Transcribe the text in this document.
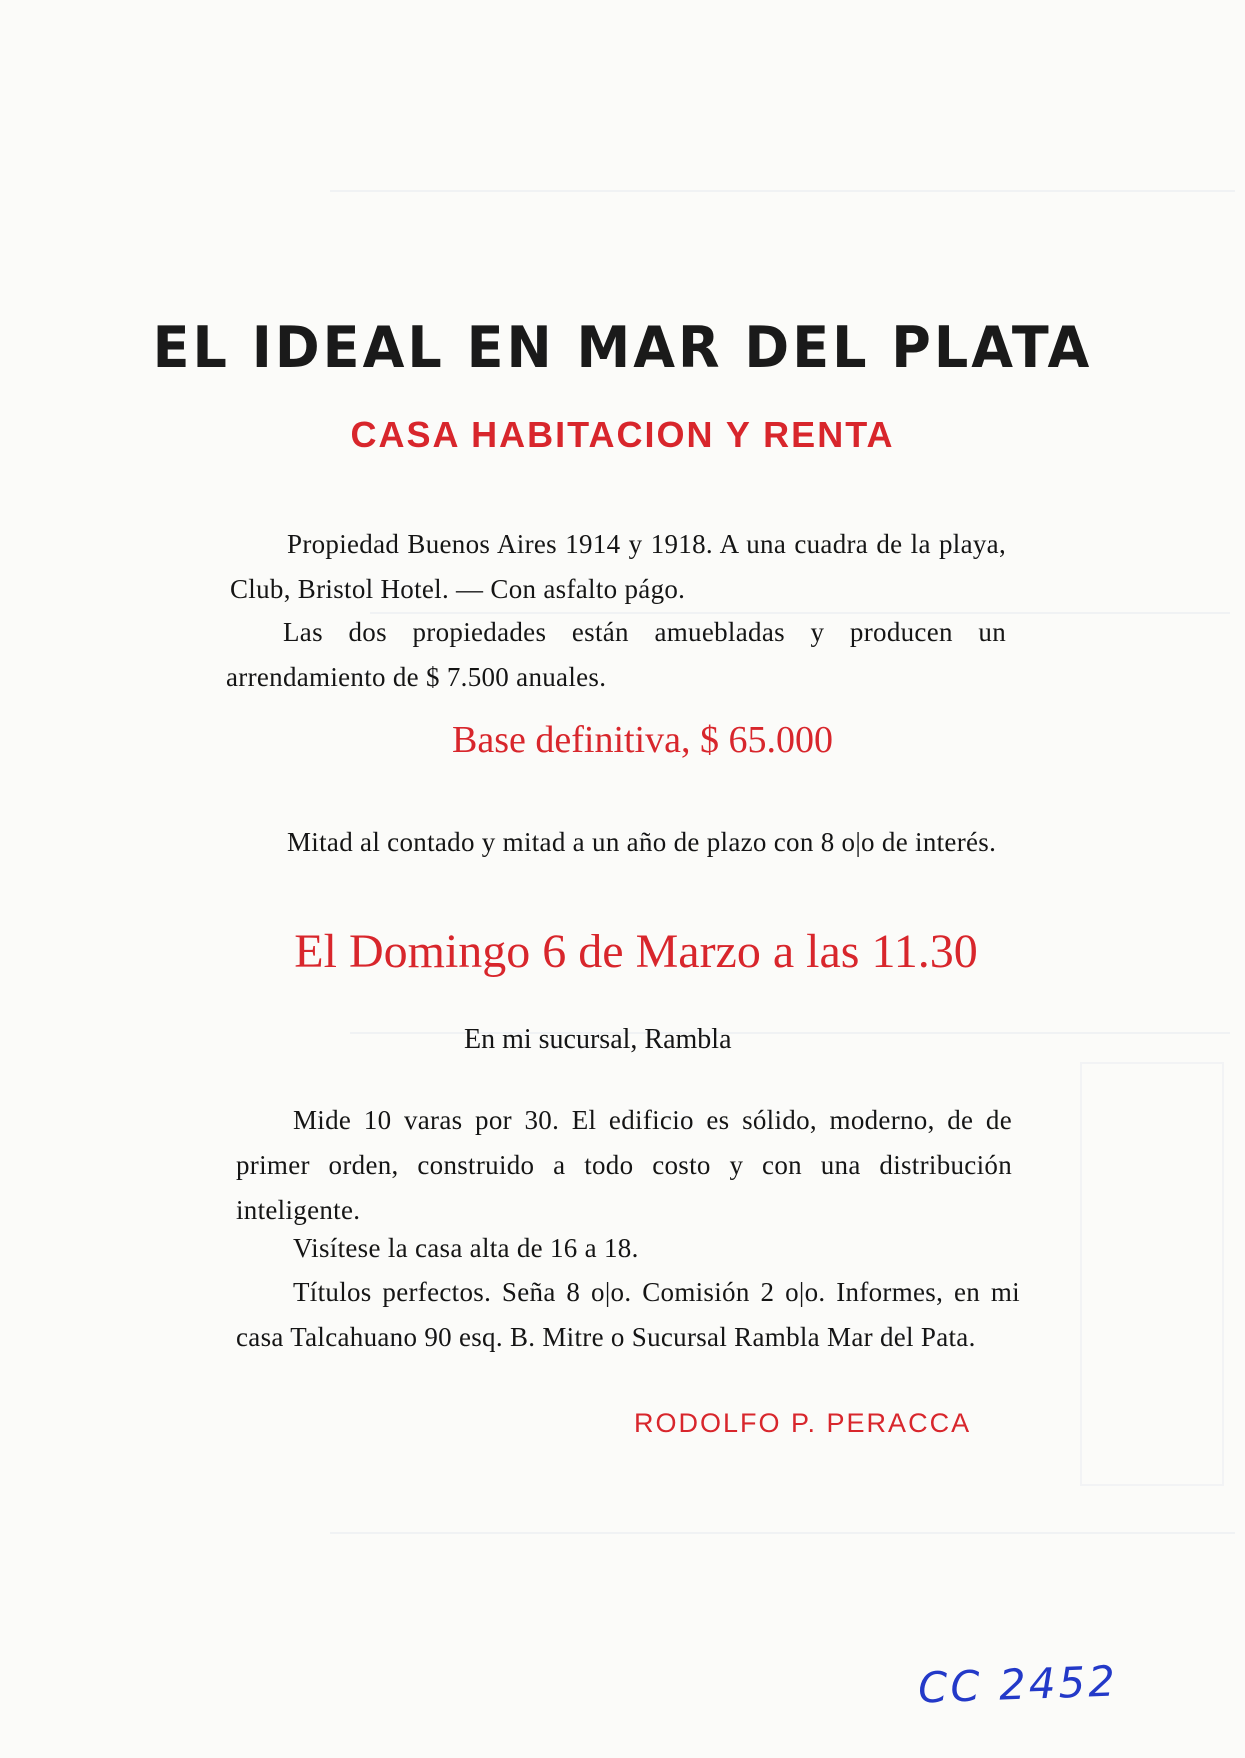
EL IDEAL EN MAR DEL PLATA
CASA HABITACION Y RENTA

Propiedad Buenos Aires 1914 y 1918. A una cuadra de la playa, Club, Bristol Hotel. — Con asfalto págo.

Las dos propiedades están amuebladas y producen un arrendamiento de $ 7.500 anuales.

Base definitiva, $ 65.000

Mitad al contado y mitad a un año de plazo con 8 o|o de interés.

El Domingo 6 de Marzo a las 11.30
En mi sucursal, Rambla

Mide 10 varas por 30. El edificio es sólido, moderno, de de primer orden, construido a todo costo y con una distribución inteligente.

Visítese la casa alta de 16 a 18.

Títulos perfectos. Seña 8 o|o. Comisión 2 o|o. Informes, en mi casa Talcahuano 90 esq. B. Mitre o Sucursal Rambla Mar del Pata.

RODOLFO P. PERACCA
CC 2452
